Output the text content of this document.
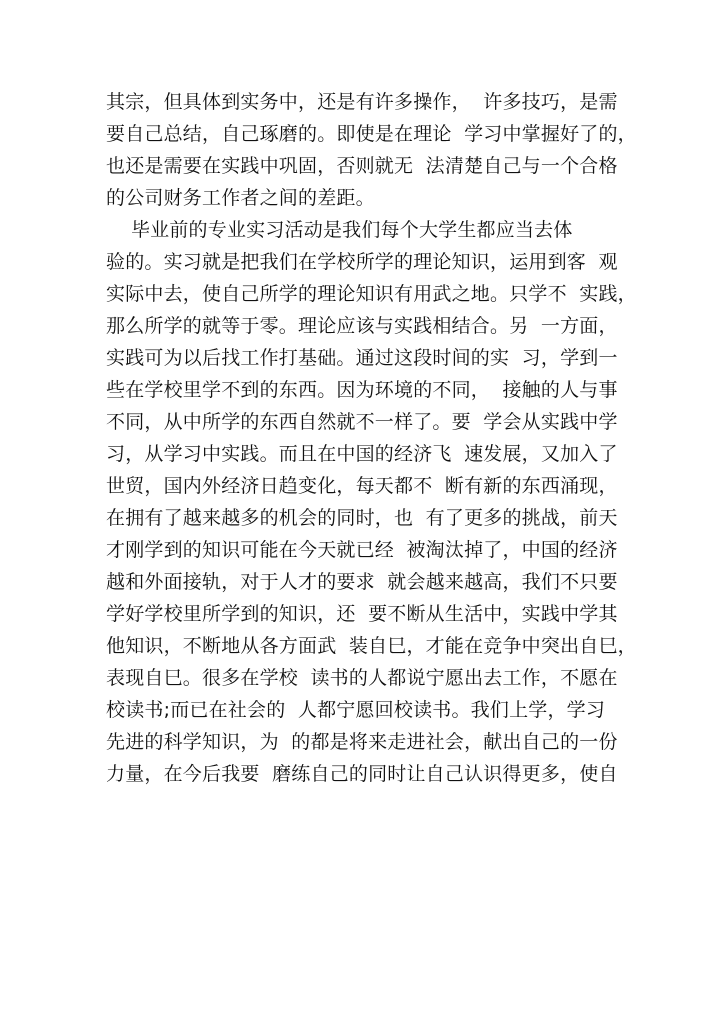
其宗，但具体到实务中，还是有许多操作，  许多技巧，是需
要自己总结，自己琢磨的。即使是在理论  学习中掌握好了的，
也还是需要在实践中巩固，否则就无  法清楚自己与一个合格
的公司财务工作者之间的差距。
毕业前的专业实习活动是我们每个大学生都应当去体
验的。实习就是把我们在学校所学的理论知识，运用到客  观
实际中去，使自己所学的理论知识有用武之地。只学不  实践，
那么所学的就等于零。理论应该与实践相结合。另  一方面，
实践可为以后找工作打基础。通过这段时间的实  习，学到一
些在学校里学不到的东西。因为环境的不同，  接触的人与事
不同，从中所学的东西自然就不一样了。要  学会从实践中学
习，从学习中实践。而且在中国的经济飞  速发展，又加入了
世贸，国内外经济日趋变化，每天都不  断有新的东西涌现，
在拥有了越来越多的机会的同时，也  有了更多的挑战，前天
才刚学到的知识可能在今天就已经  被淘汰掉了，中国的经济
越和外面接轨，对于人才的要求  就会越来越高，我们不只要
学好学校里所学到的知识，还  要不断从生活中，实践中学其
他知识，不断地从各方面武  装自巳，才能在竞争中突出自巳，
表现自巳。很多在学校  读书的人都说宁愿出去工作，不愿在
校读书;而已在社会的  人都宁愿回校读书。我们上学，学习
先进的科学知识，为  的都是将来走进社会，献出自己的一份
力量，在今后我要  磨练自己的同时让自己认识得更多，使自
